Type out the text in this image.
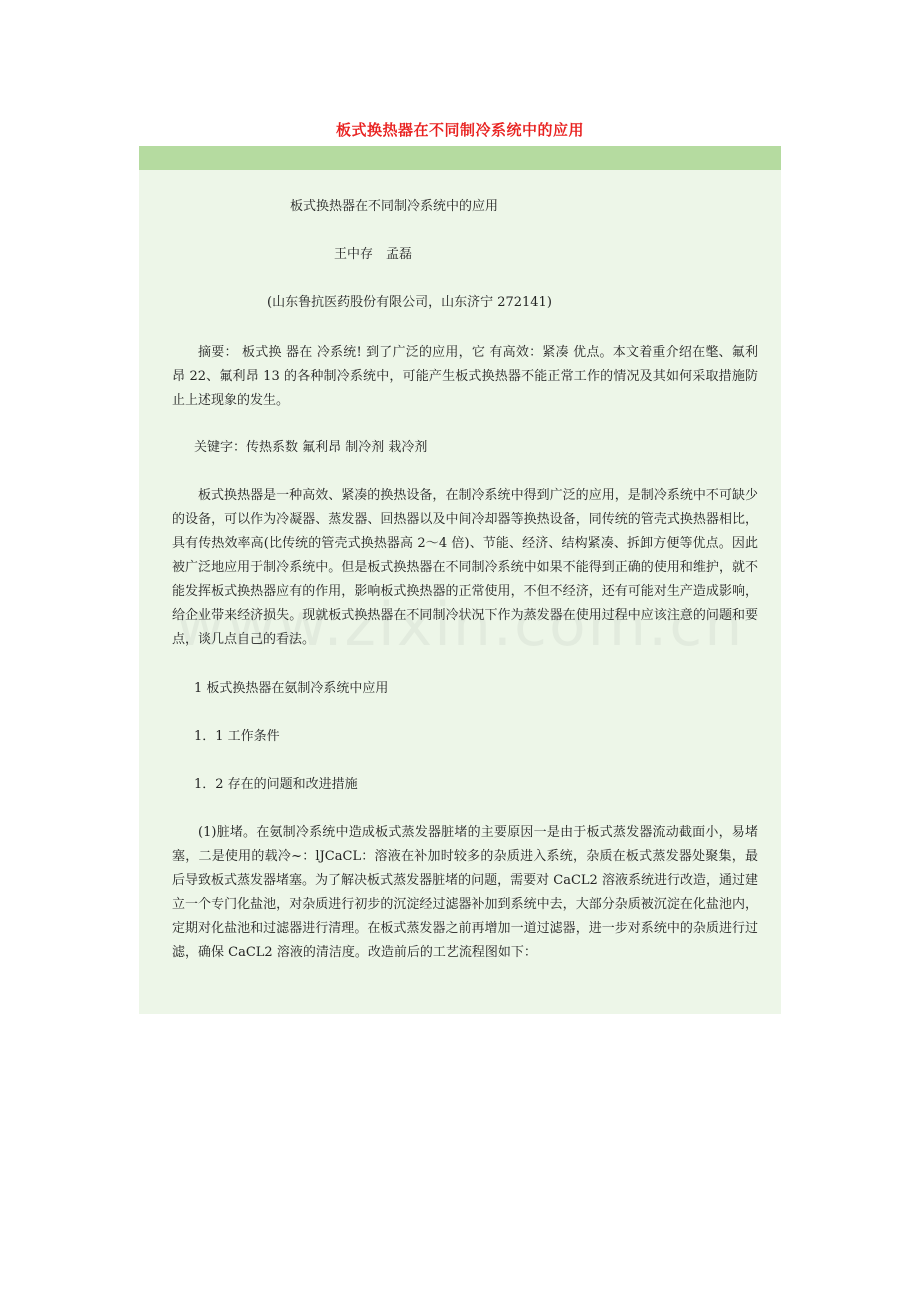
板式换热器在不同制冷系统中的应用
板式换热器在不同制冷系统中的应用
王中存　孟磊
(山东鲁抗医药股份有限公司，山东济宁 272141)
摘要： 板式换 器在 冷系统! 到了广泛的应用，它 有高效：紧凑 优点。本文着重介绍在氅、氟利昂 22、氟利昂 13 的各种制冷系统中，可能产生板式换热器不能正常工作的情况及其如何采取措施防止上述现象的发生。
关键字：传热系数 氟利昂 制冷剂 栽冷剂
板式换热器是一种高效、紧凑的换热设备，在制冷系统中得到广泛的应用，是制冷系统中不可缺少的设备，可以作为冷凝器、蒸发器、回热器以及中间冷却器等换热设备，同传统的管壳式换热器相比，具有传热效率高(比传统的管壳式换热器高 2～4 倍)、节能、经济、结构紧凑、拆卸方便等优点。因此被广泛地应用于制冷系统中。但是板式换热器在不同制冷系统中如果不能得到正确的使用和维护，就不能发挥板式换热器应有的作用，影响板式换热器的正常使用，不但不经济，还有可能对生产造成影响，给企业带来经济损失。现就板式换热器在不同制冷状况下作为蒸发器在使用过程中应该注意的问题和要点，谈几点自己的看法。
1 板式换热器在氨制冷系统中应用
1．1 工作条件
1．2 存在的问题和改进措施
(1)脏堵。在氨制冷系统中造成板式蒸发器脏堵的主要原因一是由于板式蒸发器流动截面小，易堵塞，二是使用的载冷~：lJCaCL：溶液在补加时较多的杂质进入系统，杂质在板式蒸发器处聚集，最后导致板式蒸发器堵塞。为了解决板式蒸发器脏堵的问题，需要对 CaCL2 溶液系统进行改造，通过建立一个专门化盐池，对杂质进行初步的沉淀经过滤器补加到系统中去，大部分杂质被沉淀在化盐池内，定期对化盐池和过滤器进行清理。在板式蒸发器之前再增加一道过滤器，进一步对系统中的杂质进行过滤，确保 CaCL2 溶液的清洁度。改造前后的工艺流程图如下：
